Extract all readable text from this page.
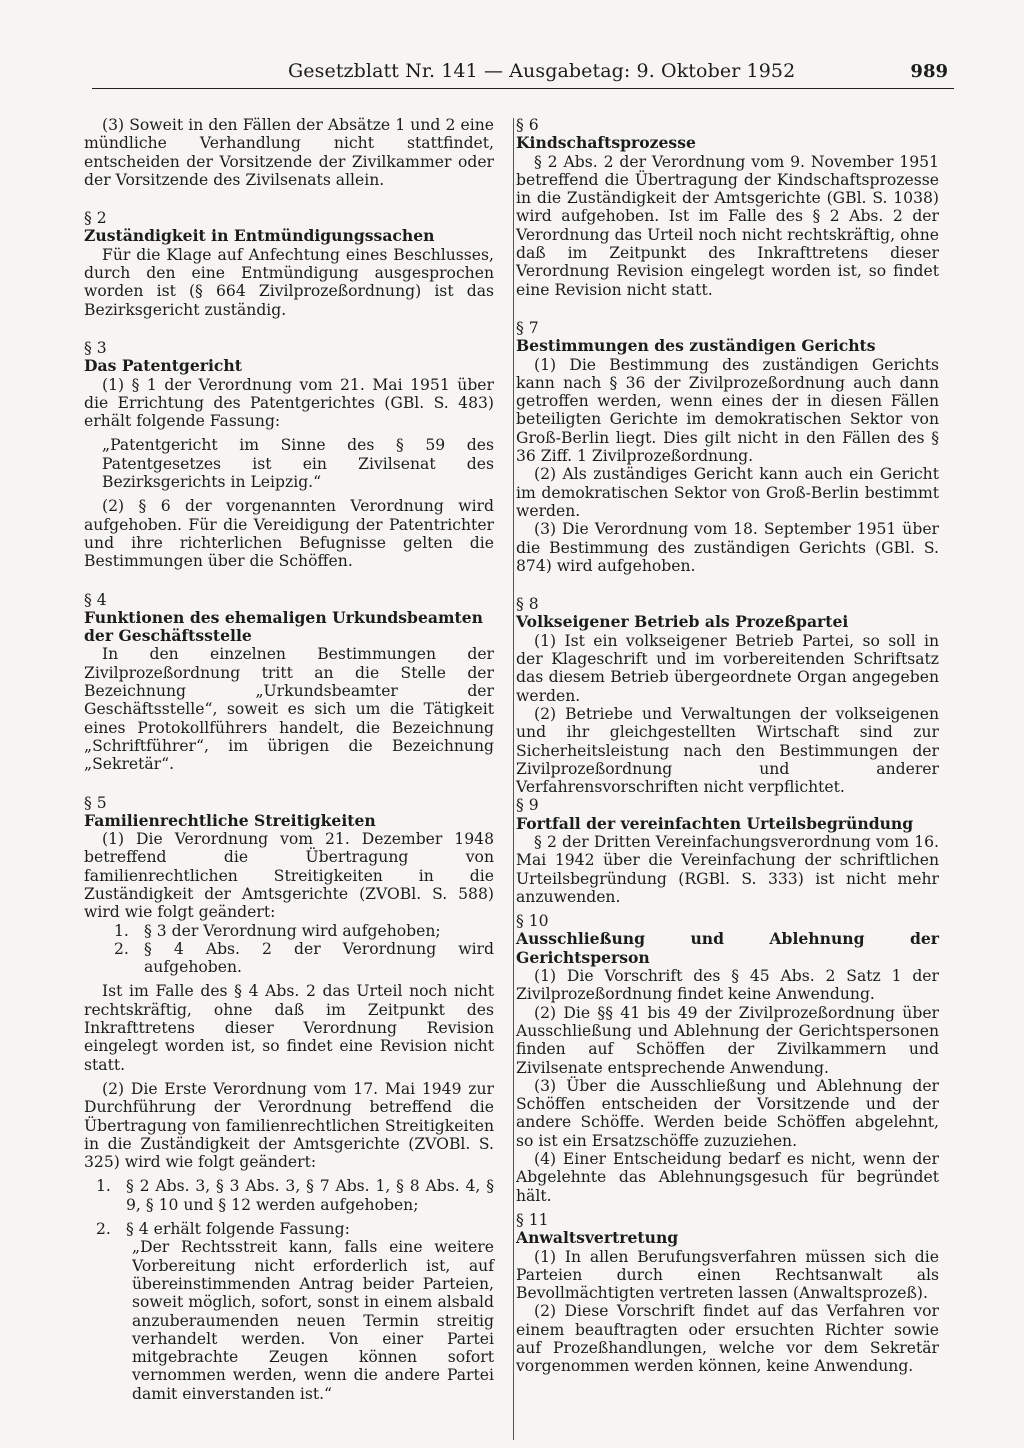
Gesetzblatt Nr. 141 — Ausgabetag: 9. Oktober 1952	989

(3) Soweit in den Fällen der Absätze 1 und 2 eine mündliche Verhandlung nicht stattfindet, entscheiden der Vorsitzende der Zivilkammer oder der Vorsitzende des Zivilsenats allein.

§ 2

Zuständigkeit in Entmündigungssachen

Für die Klage auf Anfechtung eines Beschlusses, durch den eine Entmündigung ausgesprochen worden ist (§ 664 Zivilprozeßordnung) ist das Bezirksgericht zuständig.

§ 3

Das Patentgericht

(1) § 1 der Verordnung vom 21. Mai 1951 über die Errichtung des Patentgerichtes (GBl. S. 483) erhält folgende Fassung:

„Patentgericht im Sinne des § 59 des Patentgesetzes ist ein Zivilsenat des Bezirksgerichts in Leipzig.“

(2) § 6 der vorgenannten Verordnung wird aufgehoben. Für die Vereidigung der Patentrichter und ihre richterlichen Befugnisse gelten die Bestimmungen über die Schöffen.

§ 4

Funktionen des ehemaligen Urkundsbeamten

der Geschäftsstelle

In den einzelnen Bestimmungen der Zivilprozeßordnung tritt an die Stelle der Bezeichnung „Urkundsbeamter der Geschäftsstelle“, soweit es sich um die Tätigkeit eines Protokollführers handelt, die Bezeichnung „Schriftführer“, im übrigen die Bezeichnung „Sekretär“.

§ 5

Familienrechtliche Streitigkeiten

(1) Die Verordnung vom 21. Dezember 1948 betreffend die Übertragung von familienrechtlichen Streitigkeiten in die Zuständigkeit der Amtsgerichte (ZVOBl. S. 588) wird wie folgt geändert:

1. § 3 der Verordnung wird aufgehoben;
2. § 4 Abs. 2 der Verordnung wird aufgehoben.

Ist im Falle des § 4 Abs. 2 das Urteil noch nicht rechtskräftig, ohne daß im Zeitpunkt des Inkrafttretens dieser Verordnung Revision eingelegt worden ist, so findet eine Revision nicht statt.

(2) Die Erste Verordnung vom 17. Mai 1949 zur Durchführung der Verordnung betreffend die Übertragung von familienrechtlichen Streitigkeiten in die Zuständigkeit der Amtsgerichte (ZVOBl. S. 325) wird wie folgt geändert:

1. § 2 Abs. 3, § 3 Abs. 3, § 7 Abs. 1, § 8 Abs. 4, § 9, § 10 und § 12 werden aufgehoben;
2. § 4 erhält folgende Fassung:

„Der Rechtsstreit kann, falls eine weitere Vorbereitung nicht erforderlich ist, auf übereinstimmenden Antrag beider Parteien, soweit möglich, sofort, sonst in einem alsbald anzuberaumenden neuen Termin streitig verhandelt werden. Von einer Partei mitgebrachte Zeugen können sofort vernommen werden, wenn die andere Partei damit einverstanden ist.“

§ 6

Kindschaftsprozesse

§ 2 Abs. 2 der Verordnung vom 9. November 1951 betreffend die Übertragung der Kindschaftsprozesse in die Zuständigkeit der Amtsgerichte (GBl. S. 1038) wird aufgehoben. Ist im Falle des § 2 Abs. 2 der Verordnung das Urteil noch nicht rechtskräftig, ohne daß im Zeitpunkt des Inkrafttretens dieser Verordnung Revision eingelegt worden ist, so findet eine Revision nicht statt.

§ 7

Bestimmungen des zuständigen Gerichts

(1) Die Bestimmung des zuständigen Gerichts kann nach § 36 der Zivilprozeßordnung auch dann getroffen werden, wenn eines der in diesen Fällen beteiligten Gerichte im demokratischen Sektor von Groß-Berlin liegt. Dies gilt nicht in den Fällen des § 36 Ziff. 1 Zivilprozeßordnung.

(2) Als zuständiges Gericht kann auch ein Gericht im demokratischen Sektor von Groß-Berlin bestimmt werden.

(3) Die Verordnung vom 18. September 1951 über die Bestimmung des zuständigen Gerichts (GBl. S. 874) wird aufgehoben.

§ 8

Volkseigener Betrieb als Prozeßpartei

(1) Ist ein volkseigener Betrieb Partei, so soll in der Klageschrift und im vorbereitenden Schriftsatz das diesem Betrieb übergeordnete Organ angegeben werden.

(2) Betriebe und Verwaltungen der volkseigenen und ihr gleichgestellten Wirtschaft sind zur Sicherheitsleistung nach den Bestimmungen der Zivilprozeßordnung und anderer Verfahrensvorschriften nicht verpflichtet.

§ 9

Fortfall der vereinfachten Urteilsbegründung

§ 2 der Dritten Vereinfachungsverordnung vom 16. Mai 1942 über die Vereinfachung der schriftlichen Urteilsbegründung (RGBl. S. 333) ist nicht mehr anzuwenden.

§ 10

Ausschließung und Ablehnung der Gerichtsperson

(1) Die Vorschrift des § 45 Abs. 2 Satz 1 der Zivilprozeßordnung findet keine Anwendung.

(2) Die §§ 41 bis 49 der Zivilprozeßordnung über Ausschließung und Ablehnung der Gerichtspersonen finden auf Schöffen der Zivilkammern und Zivilsenate entsprechende Anwendung.

(3) Über die Ausschließung und Ablehnung der Schöffen entscheiden der Vorsitzende und der andere Schöffe. Werden beide Schöffen abgelehnt, so ist ein Ersatzschöffe zuzuziehen.

(4) Einer Entscheidung bedarf es nicht, wenn der Abgelehnte das Ablehnungsgesuch für begründet hält.

§ 11

Anwaltsvertretung

(1) In allen Berufungsverfahren müssen sich die Parteien durch einen Rechtsanwalt als Bevollmächtigten vertreten lassen (Anwaltsprozeß).

(2) Diese Vorschrift findet auf das Verfahren vor einem beauftragten oder ersuchten Richter sowie auf Prozeßhandlungen, welche vor dem Sekretär vorgenommen werden können, keine Anwendung.
